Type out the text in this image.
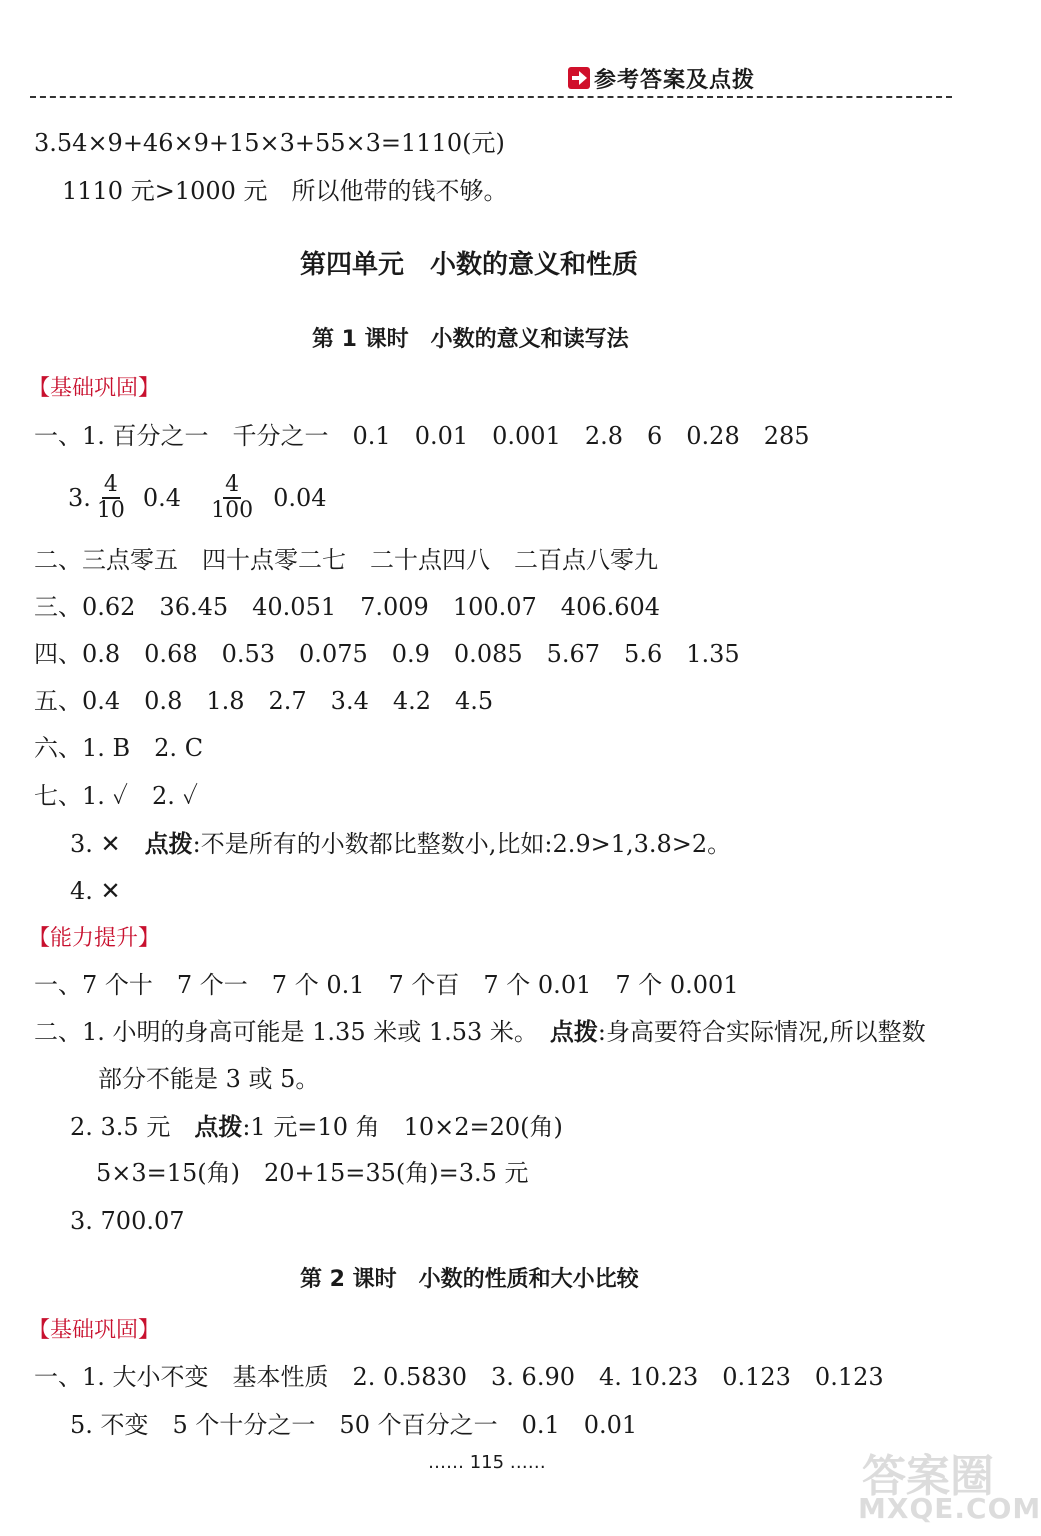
参考答案及点拨
3.54×9+46×9+15×3+55×3=1110(元)
1110 元>1000 元　所以他带的钱不够。
第四单元　小数的意义和性质
第 1 课时　小数的意义和读写法
【基础巩固】
一、1. 百分之一　千分之一　0.1　0.01　0.001　2.8　6　0.28　285
3. $\frac{4}{10} 0.4 \frac{4}{100} 0.04$
二、三点零五　四十点零二七　二十点四八　二百点八零九
三、0.62　36.45　40.051　7.009　100.07　406.604
四、0.8　0.68　0.53　0.075　0.9　0.085　5.67　5.6　1.35
五、0.4　0.8　1.8　2.7　3.4　4.2　4.5
六、1. B　2. C
七、1. ✓　2. ✓
3. ✕　点拨:不是所有的小数都比整数小,比如:2.9>1,3.8>2。
4. ✕
【能力提升】
一、7 个十　7 个一　7 个 0.1　7 个百　7 个 0.01　7 个 0.001
二、1. 小明的身高可能是 1.35 米或 1.53 米。　点拨:身高要符合实际情况,所以整数
部分不能是 3 或 5。
2. 3.5 元　点拨:1 元=10 角　10×2=20(角)
5×3=15(角)　20+15=35(角)=3.5 元
3. 700.07
第 2 课时　小数的性质和大小比较
【基础巩固】
一、1. 大小不变　基本性质　2. 0.5830　3. 6.90　4. 10.23　0.123　0.123
5. 不变　5 个十分之一　50 个百分之一　0.1　0.01
…… 115 ……	答案圈
MXQE.COM
